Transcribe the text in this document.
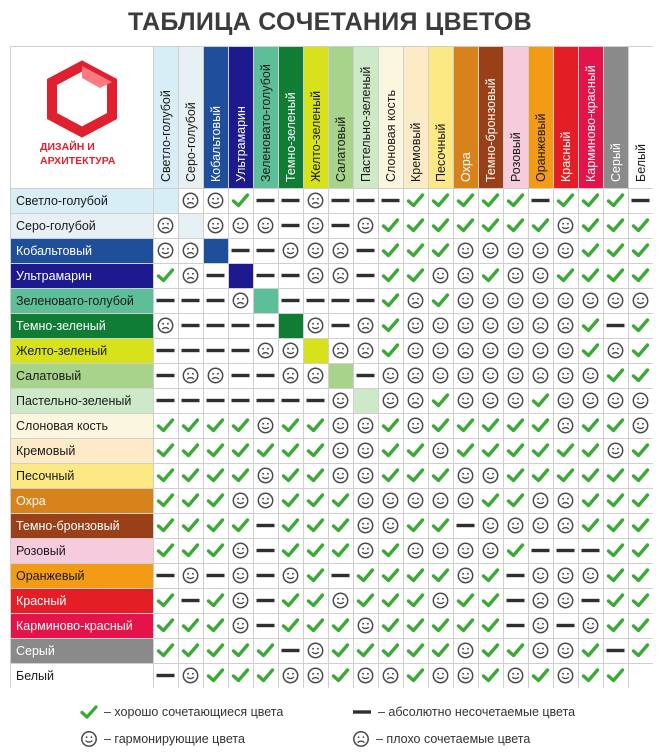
ТАБЛИЦА СОЧЕТАНИЯ ЦВЕТОВ
ДИЗАЙН И
АРХИТЕКТУРА	Светло-голубой Серо-голубой Кобальтовый Ультрамарин Зеленовато-голубой Темно-зеленый Желто-зеленый Салатовый Пастельно-зеленый Слоновая кость Кремовый Песочный Охра Темно-бронзовый Розовый Оранжевый Красный Карминово-красный Серый Белый
Светло-голубой
Серо-голубой
Кобальтовый
Ультрамарин
Зеленовато-голубой
Темно-зеленый
Желто-зеленый
Салатовый
Пастельно-зеленый
Слоновая кость
Кремовый
Песочный
Охра
Темно-бронзовый
Розовый
Оранжевый
Красный
Карминово-красный
Серый
Белый
– хорошо сочетающиеся цвета
– гармонирующие цвета
– абсолютно несочетаемые цвета
– плохо сочетаемые цвета
